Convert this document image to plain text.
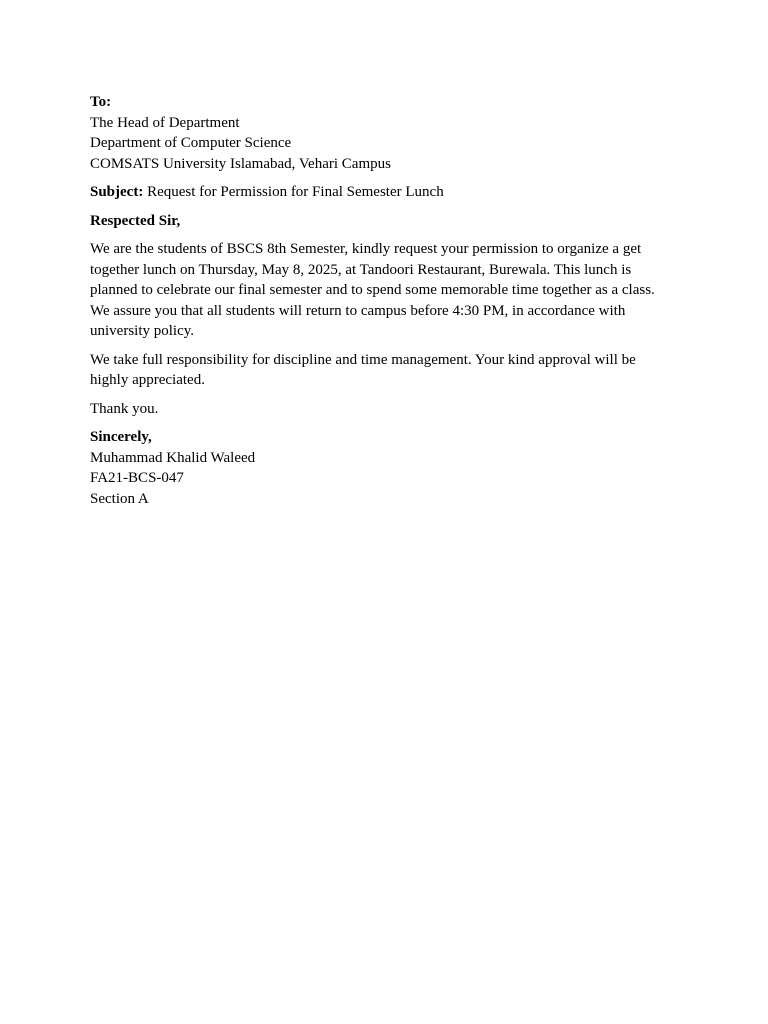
To:
The Head of Department
Department of Computer Science
COMSATS University Islamabad, Vehari Campus
Subject: Request for Permission for Final Semester Lunch
Respected Sir,
We are the students of BSCS 8th Semester, kindly request your permission to organize a get
together lunch on Thursday, May 8, 2025, at Tandoori Restaurant, Burewala. This lunch is
planned to celebrate our final semester and to spend some memorable time together as a class.
We assure you that all students will return to campus before 4:30 PM, in accordance with
university policy.
We take full responsibility for discipline and time management. Your kind approval will be
highly appreciated.
Thank you.
Sincerely,
Muhammad Khalid Waleed
FA21-BCS-047
Section A
